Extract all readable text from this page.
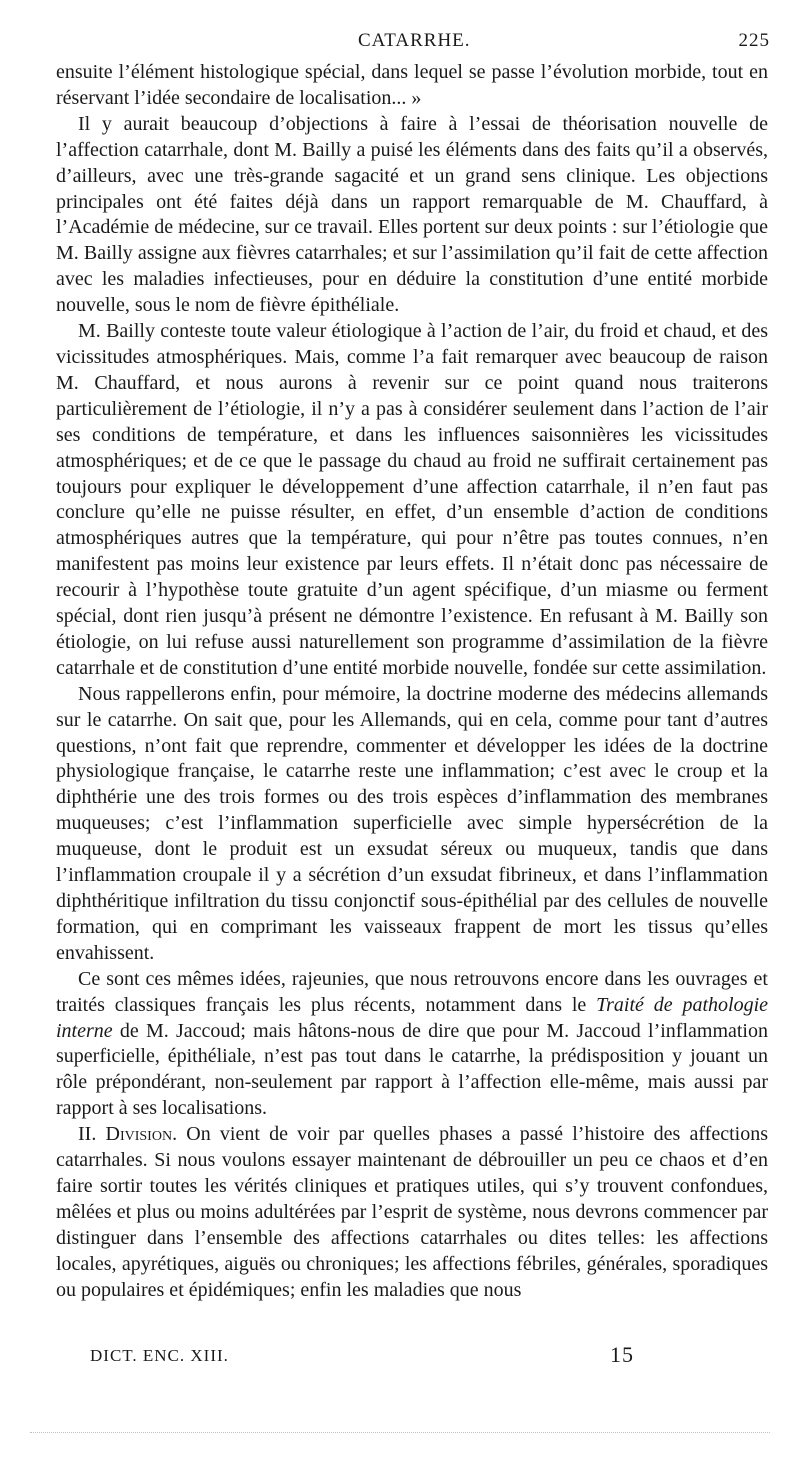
CATARRHE.	225

ensuite l’élément histologique spécial, dans lequel se passe l’évolution morbide, tout en réservant l’idée secondaire de localisation... »

Il y aurait beaucoup d’objections à faire à l’essai de théorisation nouvelle de l’affection catarrhale, dont M. Bailly a puisé les éléments dans des faits qu’il a observés, d’ailleurs, avec une très-grande sagacité et un grand sens clinique. Les objections principales ont été faites déjà dans un rapport remarquable de M. Chauffard, à l’Académie de médecine, sur ce travail. Elles portent sur deux points : sur l’étiologie que M. Bailly assigne aux fièvres catarrhales; et sur l’assimilation qu’il fait de cette affection avec les maladies infectieuses, pour en déduire la constitution d’une entité morbide nouvelle, sous le nom de fièvre épithéliale.

M. Bailly conteste toute valeur étiologique à l’action de l’air, du froid et chaud, et des vicissitudes atmosphériques. Mais, comme l’a fait remarquer avec beaucoup de raison M. Chauffard, et nous aurons à revenir sur ce point quand nous traiterons particulièrement de l’étiologie, il n’y a pas à considérer seulement dans l’action de l’air ses conditions de température, et dans les influences saisonnières les vicissitudes atmosphériques; et de ce que le passage du chaud au froid ne suffirait certainement pas toujours pour expliquer le développement d’une affection catarrhale, il n’en faut pas conclure qu’elle ne puisse résulter, en effet, d’un ensemble d’action de conditions atmosphériques autres que la température, qui pour n’être pas toutes connues, n’en manifestent pas moins leur existence par leurs effets. Il n’était donc pas nécessaire de recourir à l’hypothèse toute gratuite d’un agent spécifique, d’un miasme ou ferment spécial, dont rien jusqu’à présent ne démontre l’existence. En refusant à M. Bailly son étiologie, on lui refuse aussi naturellement son programme d’assimilation de la fièvre catarrhale et de constitution d’une entité morbide nouvelle, fondée sur cette assimilation.

Nous rappellerons enfin, pour mémoire, la doctrine moderne des médecins allemands sur le catarrhe. On sait que, pour les Allemands, qui en cela, comme pour tant d’autres questions, n’ont fait que reprendre, commenter et développer les idées de la doctrine physiologique française, le catarrhe reste une inflammation; c’est avec le croup et la diphthérie une des trois formes ou des trois espèces d’inflammation des membranes muqueuses; c’est l’inflammation superficielle avec simple hypersécrétion de la muqueuse, dont le produit est un exsudat séreux ou muqueux, tandis que dans l’inflammation croupale il y a sécrétion d’un exsudat fibrineux, et dans l’inflammation diphthéritique infiltration du tissu conjonctif sous-épithélial par des cellules de nouvelle formation, qui en comprimant les vaisseaux frappent de mort les tissus qu’elles envahissent.

Ce sont ces mêmes idées, rajeunies, que nous retrouvons encore dans les ouvrages et traités classiques français les plus récents, notamment dans le Traité de pathologie interne de M. Jaccoud; mais hâtons-nous de dire que pour M. Jaccoud l’inflammation superficielle, épithéliale, n’est pas tout dans le catarrhe, la prédisposition y jouant un rôle prépondérant, non-seulement par rapport à l’affection elle-même, mais aussi par rapport à ses localisations.

II. Division. On vient de voir par quelles phases a passé l’histoire des affections catarrhales. Si nous voulons essayer maintenant de débrouiller un peu ce chaos et d’en faire sortir toutes les vérités cliniques et pratiques utiles, qui s’y trouvent confondues, mêlées et plus ou moins adultérées par l’esprit de système, nous devrons commencer par distinguer dans l’ensemble des affections catarrhales ou dites telles: les affections locales, apyrétiques, aiguës ou chroniques; les affections fébriles, générales, sporadiques ou populaires et épidémiques; enfin les maladies que nous

DICT. ENC. XIII.	15
